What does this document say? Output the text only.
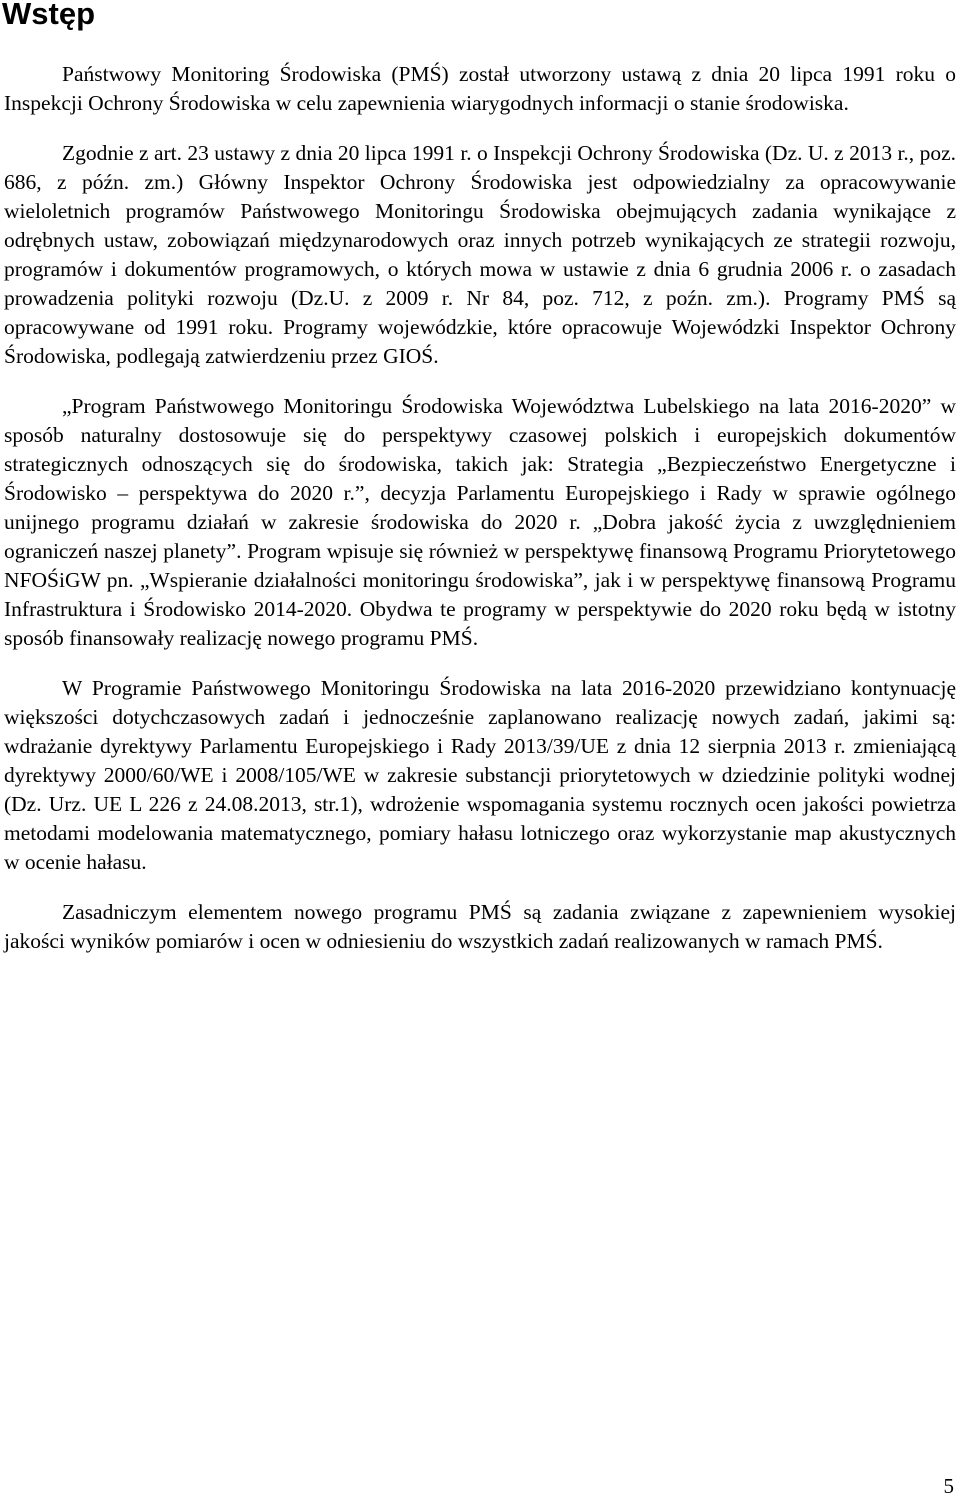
Wstęp

Państwowy Monitoring Środowiska (PMŚ) został utworzony ustawą z dnia 20 lipca 1991 roku o Inspekcji Ochrony Środowiska w celu zapewnienia wiarygodnych informacji o stanie środowiska.

Zgodnie z art. 23 ustawy z dnia 20 lipca 1991 r. o Inspekcji Ochrony Środowiska (Dz. U. z 2013 r., poz. 686, z późn. zm.) Główny Inspektor Ochrony Środowiska jest odpowiedzialny za opracowywanie wieloletnich programów Państwowego Monitoringu Środowiska obejmujących zadania wynikające z odrębnych ustaw, zobowiązań międzynarodowych oraz innych potrzeb wynikających ze strategii rozwoju, programów i dokumentów programowych, o których mowa w ustawie z dnia 6 grudnia 2006 r. o zasadach prowadzenia polityki rozwoju (Dz.U. z 2009 r. Nr 84, poz. 712, z poźn. zm.). Programy PMŚ są opracowywane od 1991 roku. Programy wojewódzkie, które opracowuje Wojewódzki Inspektor Ochrony Środowiska, podlegają zatwierdzeniu przez GIOŚ.

„Program Państwowego Monitoringu Środowiska Województwa Lubelskiego na lata 2016-2020” w sposób naturalny dostosowuje się do perspektywy czasowej polskich i europejskich dokumentów strategicznych odnoszących się do środowiska, takich jak: Strategia „Bezpieczeństwo Energetyczne i Środowisko – perspektywa do 2020 r.”, decyzja Parlamentu Europejskiego i Rady w sprawie ogólnego unijnego programu działań w zakresie środowiska do 2020 r. „Dobra jakość życia z uwzględnieniem ograniczeń naszej planety”. Program wpisuje się również w perspektywę finansową Programu Priorytetowego NFOŚiGW pn. „Wspieranie działalności monitoringu środowiska”, jak i w perspektywę finansową Programu Infrastruktura i Środowisko 2014-2020. Obydwa te programy w perspektywie do 2020 roku będą w istotny sposób finansowały realizację nowego programu PMŚ.

W Programie Państwowego Monitoringu Środowiska na lata 2016-2020 przewidziano kontynuację większości dotychczasowych zadań i jednocześnie zaplanowano realizację nowych zadań, jakimi są: wdrażanie dyrektywy Parlamentu Europejskiego i Rady 2013/39/UE z dnia 12 sierpnia 2013 r. zmieniającą dyrektywy 2000/60/WE i 2008/105/WE w zakresie substancji priorytetowych w dziedzinie polityki wodnej (Dz. Urz. UE L 226 z 24.08.2013, str.1), wdrożenie wspomagania systemu rocznych ocen jakości powietrza metodami modelowania matematycznego, pomiary hałasu lotniczego oraz wykorzystanie map akustycznych w ocenie hałasu.

Zasadniczym elementem nowego programu PMŚ są zadania związane z zapewnieniem wysokiej jakości wyników pomiarów i ocen w odniesieniu do wszystkich zadań realizowanych w ramach PMŚ.

5
